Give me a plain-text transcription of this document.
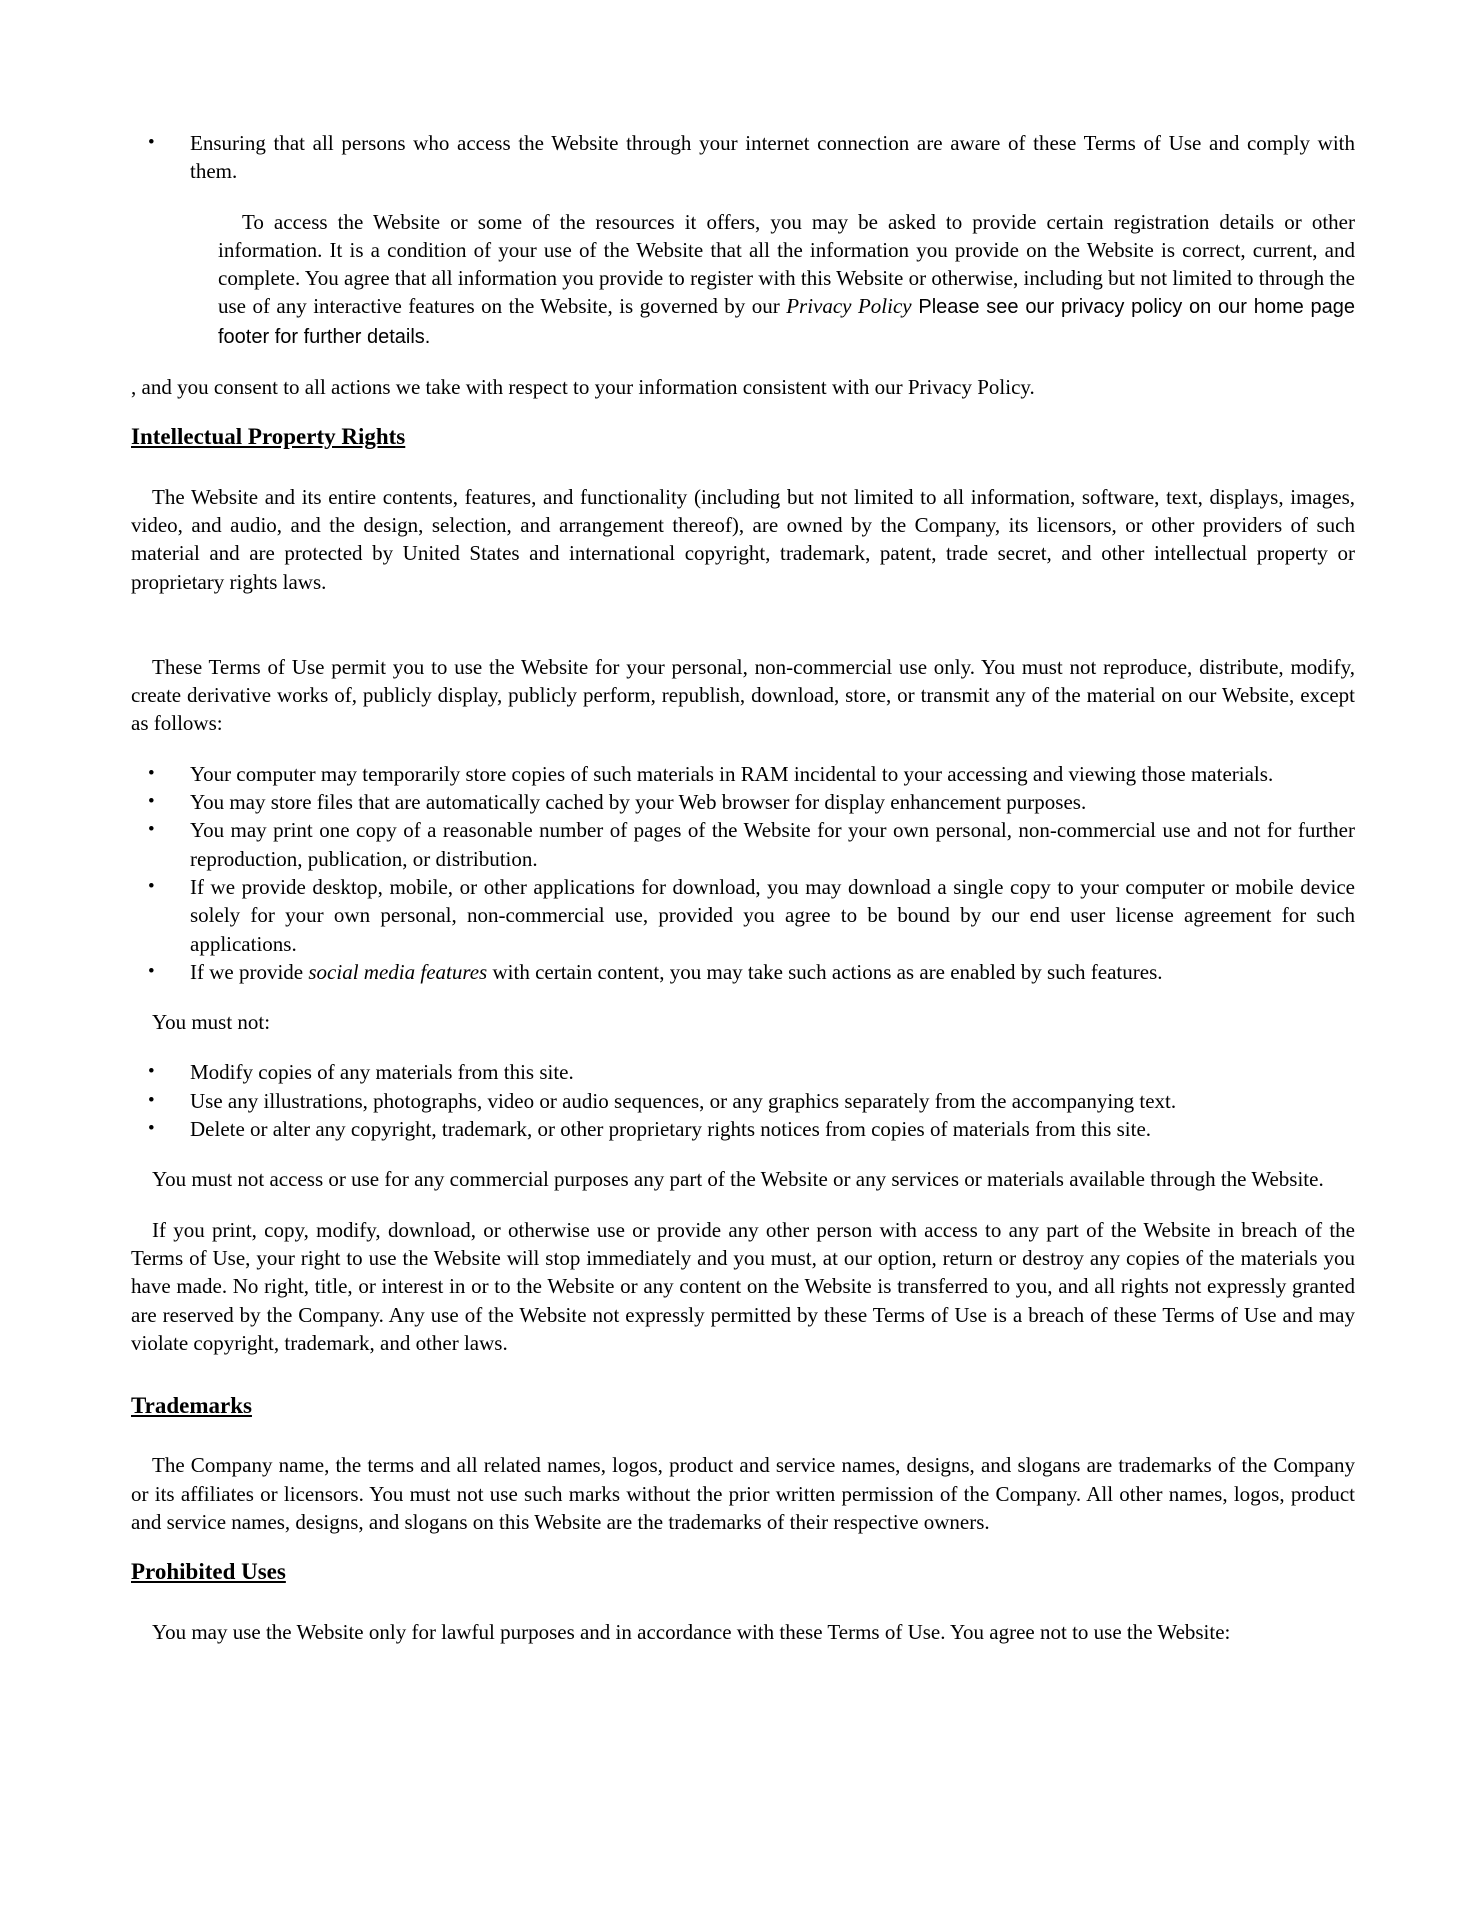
• Ensuring that all persons who access the Website through your internet connection are aware of these Terms of Use and comply with them.

To access the Website or some of the resources it offers, you may be asked to provide certain registration details or other information. It is a condition of your use of the Website that all the information you provide on the Website is correct, current, and complete. You agree that all information you provide to register with this Website or otherwise, including but not limited to through the use of any interactive features on the Website, is governed by our Privacy Policy Please see our privacy policy on our home page footer for further details.

, and you consent to all actions we take with respect to your information consistent with our Privacy Policy.

Intellectual Property Rights

The Website and its entire contents, features, and functionality (including but not limited to all information, software, text, displays, images, video, and audio, and the design, selection, and arrangement thereof), are owned by the Company, its licensors, or other providers of such material and are protected by United States and international copyright, trademark, patent, trade secret, and other intellectual property or proprietary rights laws.

These Terms of Use permit you to use the Website for your personal, non-commercial use only. You must not reproduce, distribute, modify, create derivative works of, publicly display, publicly perform, republish, download, store, or transmit any of the material on our Website, except as follows:

• Your computer may temporarily store copies of such materials in RAM incidental to your accessing and viewing those materials.
• You may store files that are automatically cached by your Web browser for display enhancement purposes.
• You may print one copy of a reasonable number of pages of the Website for your own personal, non-commercial use and not for further reproduction, publication, or distribution.
• If we provide desktop, mobile, or other applications for download, you may download a single copy to your computer or mobile device solely for your own personal, non-commercial use, provided you agree to be bound by our end user license agreement for such applications.
• If we provide social media features with certain content, you may take such actions as are enabled by such features.

You must not:

• Modify copies of any materials from this site.
• Use any illustrations, photographs, video or audio sequences, or any graphics separately from the accompanying text.
• Delete or alter any copyright, trademark, or other proprietary rights notices from copies of materials from this site.

You must not access or use for any commercial purposes any part of the Website or any services or materials available through the Website.

If you print, copy, modify, download, or otherwise use or provide any other person with access to any part of the Website in breach of the Terms of Use, your right to use the Website will stop immediately and you must, at our option, return or destroy any copies of the materials you have made. No right, title, or interest in or to the Website or any content on the Website is transferred to you, and all rights not expressly granted are reserved by the Company. Any use of the Website not expressly permitted by these Terms of Use is a breach of these Terms of Use and may violate copyright, trademark, and other laws.

Trademarks

The Company name, the terms and all related names, logos, product and service names, designs, and slogans are trademarks of the Company or its affiliates or licensors. You must not use such marks without the prior written permission of the Company. All other names, logos, product and service names, designs, and slogans on this Website are the trademarks of their respective owners.

Prohibited Uses

You may use the Website only for lawful purposes and in accordance with these Terms of Use. You agree not to use the Website:
